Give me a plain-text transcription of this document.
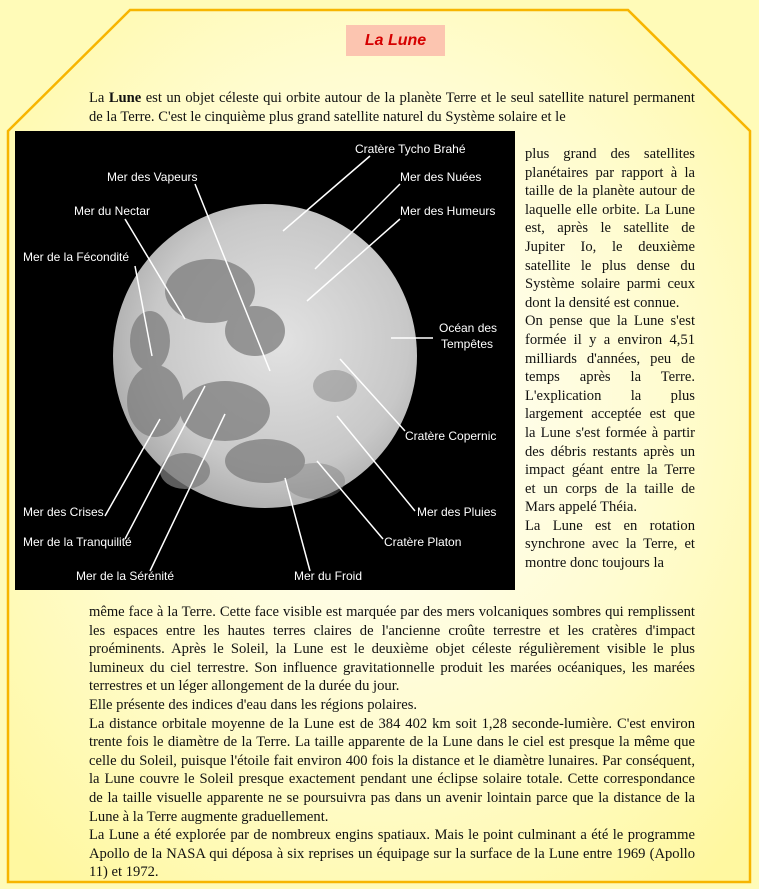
La Lune

La Lune est un objet céleste qui orbite autour de la planète Terre et le seul satellite naturel permanent de la Terre. C'est le cinquième plus grand satellite naturel du Système solaire et le

Cratère Tycho Brahé
Mer des Vapeurs	Mer des Nuées
Mer du Nectar	Mer des Humeurs
Mer de la Fécondité
Océan des
Tempêtes
Cratère Copernic
Mer des Crises	Mer des Pluies
Mer de la Tranquilité	Cratère Platon
Mer de la Sérénité	Mer du Froid

plus grand des satellites planétaires par rapport à la taille de la planète autour de laquelle elle orbite. La Lune est, après le satellite de Jupiter Io, le deuxième satellite le plus dense du Système solaire parmi ceux dont la densité est connue.

On pense que la Lune s'est formée il y a environ 4,51 milliards d'années, peu de temps après la Terre. L'explication la plus largement acceptée est que la Lune s'est formée à partir des débris restants après un impact géant entre la Terre et un corps de la taille de Mars appelé Théia.

La Lune est en rotation synchrone avec la Terre, et montre donc toujours la

même face à la Terre. Cette face visible est marquée par des mers volcaniques sombres qui remplissent les espaces entre les hautes terres claires de l'ancienne croûte terrestre et les cratères d'impact proéminents. Après le Soleil, la Lune est le deuxième objet céleste régulièrement visible le plus lumineux du ciel terrestre. Son influence gravitationnelle produit les marées océaniques, les marées terrestres et un léger allongement de la durée du jour.

Elle présente des indices d'eau dans les régions polaires.

La distance orbitale moyenne de la Lune est de 384 402 km soit 1,28 seconde-lumière. C'est environ trente fois le diamètre de la Terre. La taille apparente de la Lune dans le ciel est presque la même que celle du Soleil, puisque l'étoile fait environ 400 fois la distance et le diamètre lunaires. Par conséquent, la Lune couvre le Soleil presque exactement pendant une éclipse solaire totale. Cette correspondance de la taille visuelle apparente ne se poursuivra pas dans un avenir lointain parce que la distance de la Lune à la Terre augmente graduellement.

La Lune a été explorée par de nombreux engins spatiaux. Mais le point culminant a été le programme Apollo de la NASA qui déposa à six reprises un équipage sur la surface de la Lune entre 1969 (Apollo 11) et 1972.
